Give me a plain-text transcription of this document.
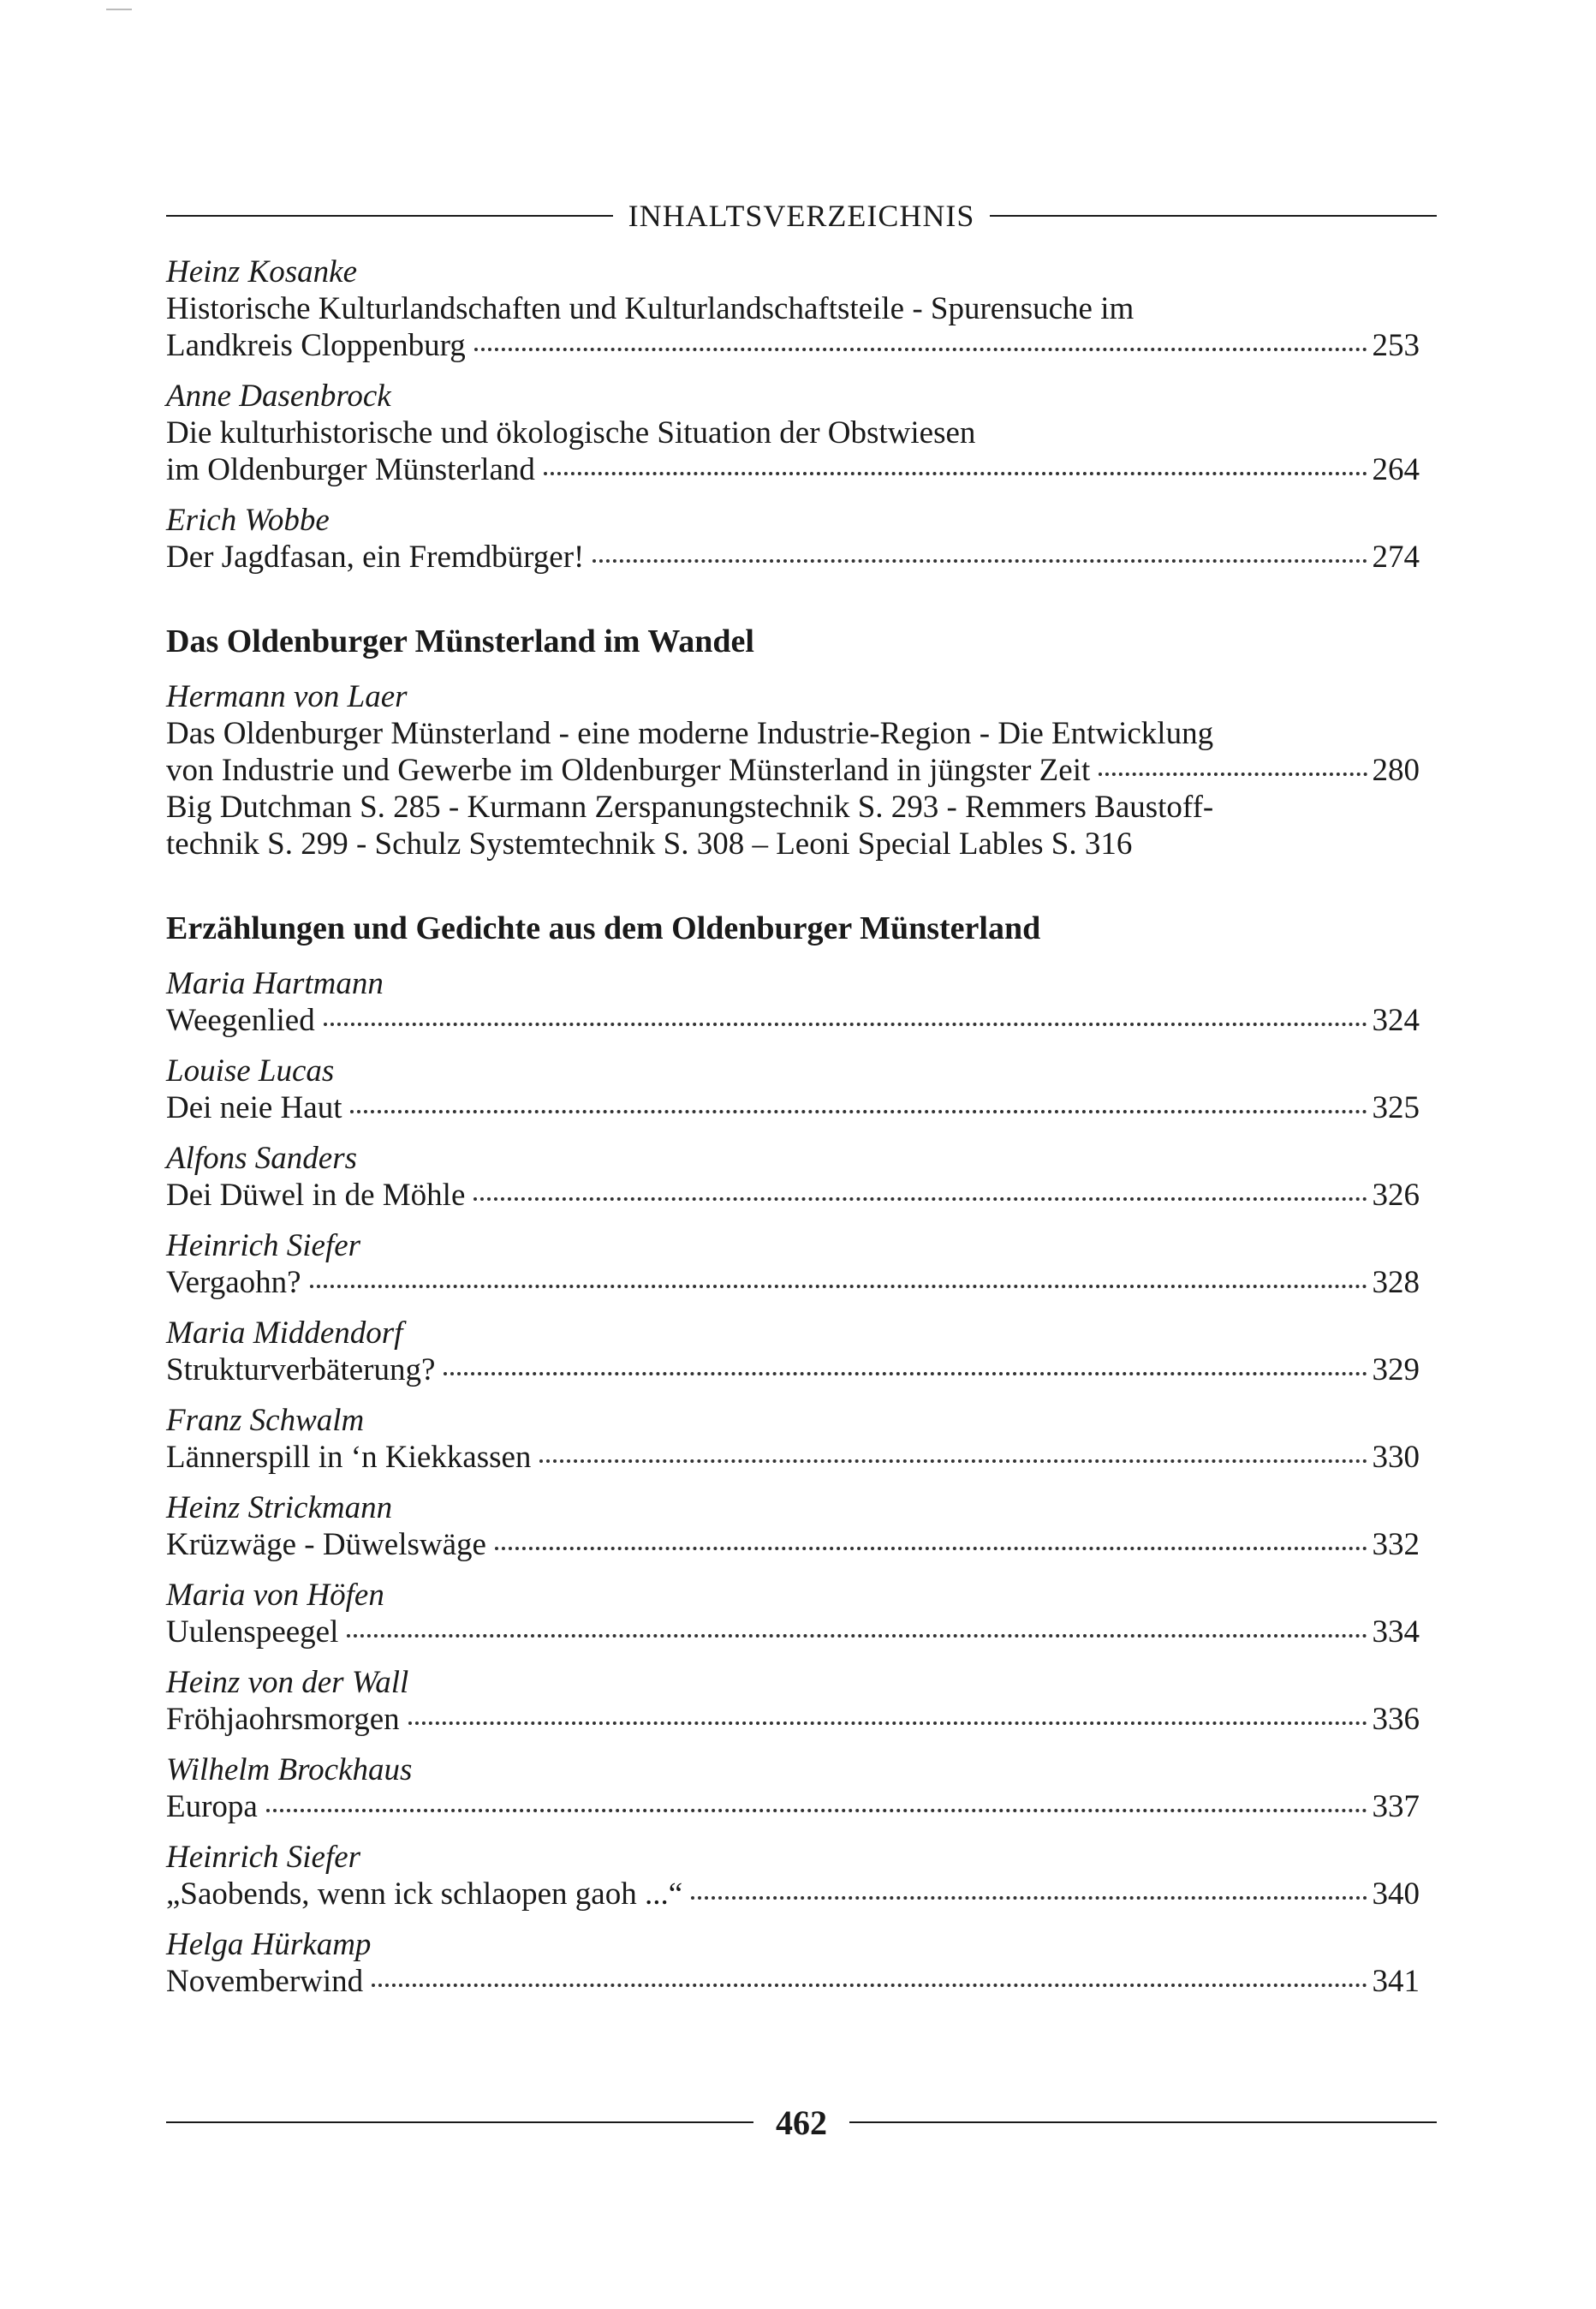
INHALTSVERZEICHNIS
Heinz Kosanke
Historische Kulturlandschaften und Kulturlandschaftsteile - Spurensuche im
Landkreis Cloppenburg	253
Anne Dasenbrock
Die kulturhistorische und ökologische Situation der Obstwiesen
im Oldenburger Münsterland	264
Erich Wobbe
Der Jagdfasan, ein Fremdbürger!	274
Das Oldenburger Münsterland im Wandel
Hermann von Laer
Das Oldenburger Münsterland - eine moderne Industrie-Region - Die Entwicklung
von Industrie und Gewerbe im Oldenburger Münsterland in jüngster Zeit	280
Big Dutchman S. 285 - Kurmann Zerspanungstechnik S. 293 - Remmers Baustoff-
technik S. 299 - Schulz Systemtechnik S. 308 – Leoni Special Lables S. 316
Erzählungen und Gedichte aus dem Oldenburger Münsterland
Maria Hartmann
Weegenlied	324
Louise Lucas
Dei neie Haut	325
Alfons Sanders
Dei Düwel in de Möhle	326
Heinrich Siefer
Vergaohn?	328
Maria Middendorf
Strukturverbäterung?	329
Franz Schwalm
Lännerspill in ‘n Kiekkassen	330
Heinz Strickmann
Krüzwäge - Düwelswäge	332
Maria von Höfen
Uulenspeegel	334
Heinz von der Wall
Fröhjaohrsmorgen	336
Wilhelm Brockhaus
Europa	337
Heinrich Siefer
„Saobends, wenn ick schlaopen gaoh ...“	340
Helga Hürkamp
Novemberwind	341
462
